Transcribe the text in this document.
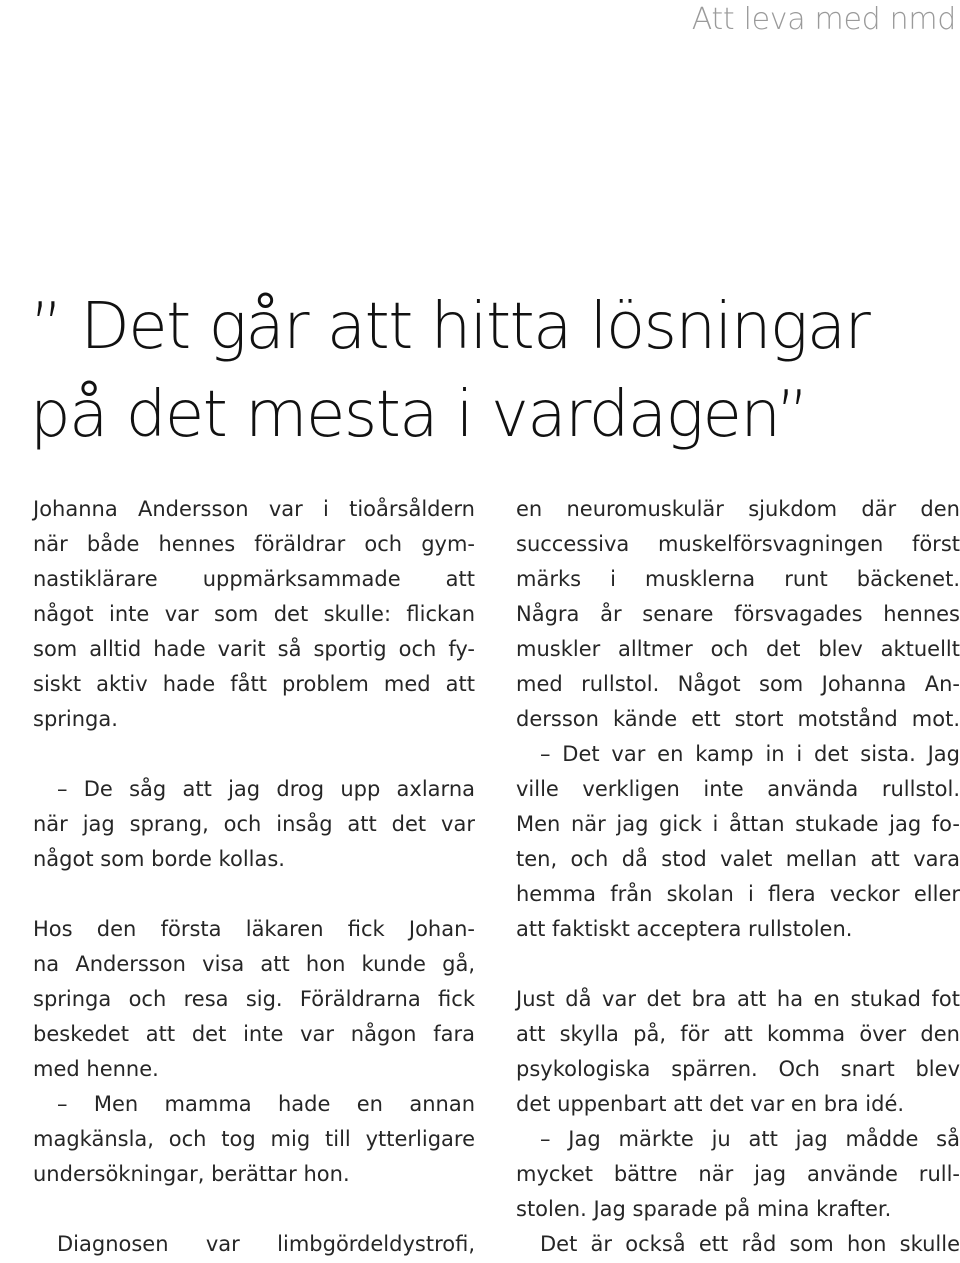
Att leva med nmd
” Det går att hitta lösningar
på det mesta i vardagen”
Johanna Andersson var i tioårsåldern
när både hennes föräldrar och gym-
nastiklärare uppmärksammade att
något inte var som det skulle: flickan
som alltid hade varit så sportig och fy-
siskt aktiv hade fått problem med att
springa.
– De såg att jag drog upp axlarna
när jag sprang, och insåg att det var
något som borde kollas.
Hos den första läkaren fick Johan-
na Andersson visa att hon kunde gå,
springa och resa sig. Föräldrarna fick
beskedet att det inte var någon fara
med henne.
– Men mamma hade en annan
magkänsla, och tog mig till ytterligare
undersökningar, berättar hon.
Diagnosen var limbgördeldystrofi,
en neuromuskulär sjukdom där den
successiva muskelförsvagningen först
märks i musklerna runt bäckenet.
Några år senare försvagades hennes
muskler alltmer och det blev aktuellt
med rullstol. Något som Johanna An-
dersson kände ett stort motstånd mot.
– Det var en kamp in i det sista. Jag
ville verkligen inte använda rullstol.
Men när jag gick i åttan stukade jag fo-
ten, och då stod valet mellan att vara
hemma från skolan i flera veckor eller
att faktiskt acceptera rullstolen.
Just då var det bra att ha en stukad fot
att skylla på, för att komma över den
psykologiska spärren. Och snart blev
det uppenbart att det var en bra idé.
– Jag märkte ju att jag mådde så
mycket bättre när jag använde rull-
stolen. Jag sparade på mina krafter.
Det är också ett råd som hon skulle
